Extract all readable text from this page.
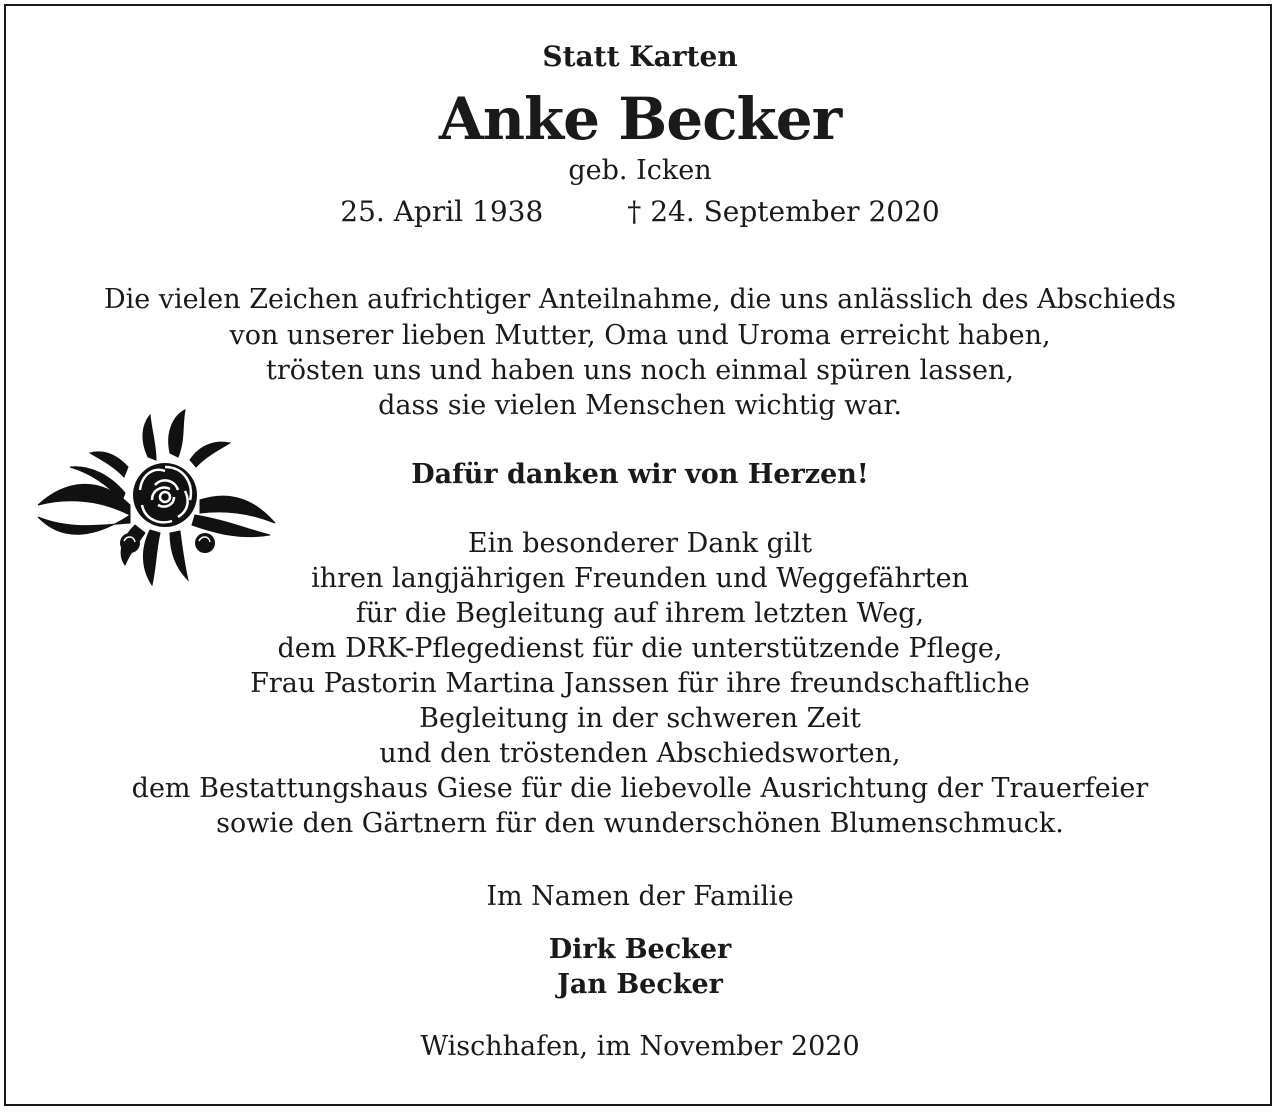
Statt Karten
Anke Becker
geb. Icken
25. April 1938	† 24. September 2020
Die vielen Zeichen aufrichtiger Anteilnahme, die uns anlässlich des Abschieds
von unserer lieben Mutter, Oma und Uroma erreicht haben,
trösten uns und haben uns noch einmal spüren lassen,
dass sie vielen Menschen wichtig war.
Dafür danken wir von Herzen!
Ein besonderer Dank gilt
ihren langjährigen Freunden und Weggefährten
für die Begleitung auf ihrem letzten Weg,
dem DRK-Pflegedienst für die unterstützende Pflege,
Frau Pastorin Martina Janssen für ihre freundschaftliche
Begleitung in der schweren Zeit
und den tröstenden Abschiedsworten,
dem Bestattungshaus Giese für die liebevolle Ausrichtung der Trauerfeier
sowie den Gärtnern für den wunderschönen Blumenschmuck.
Im Namen der Familie
Dirk Becker
Jan Becker
Wischhafen, im November 2020
